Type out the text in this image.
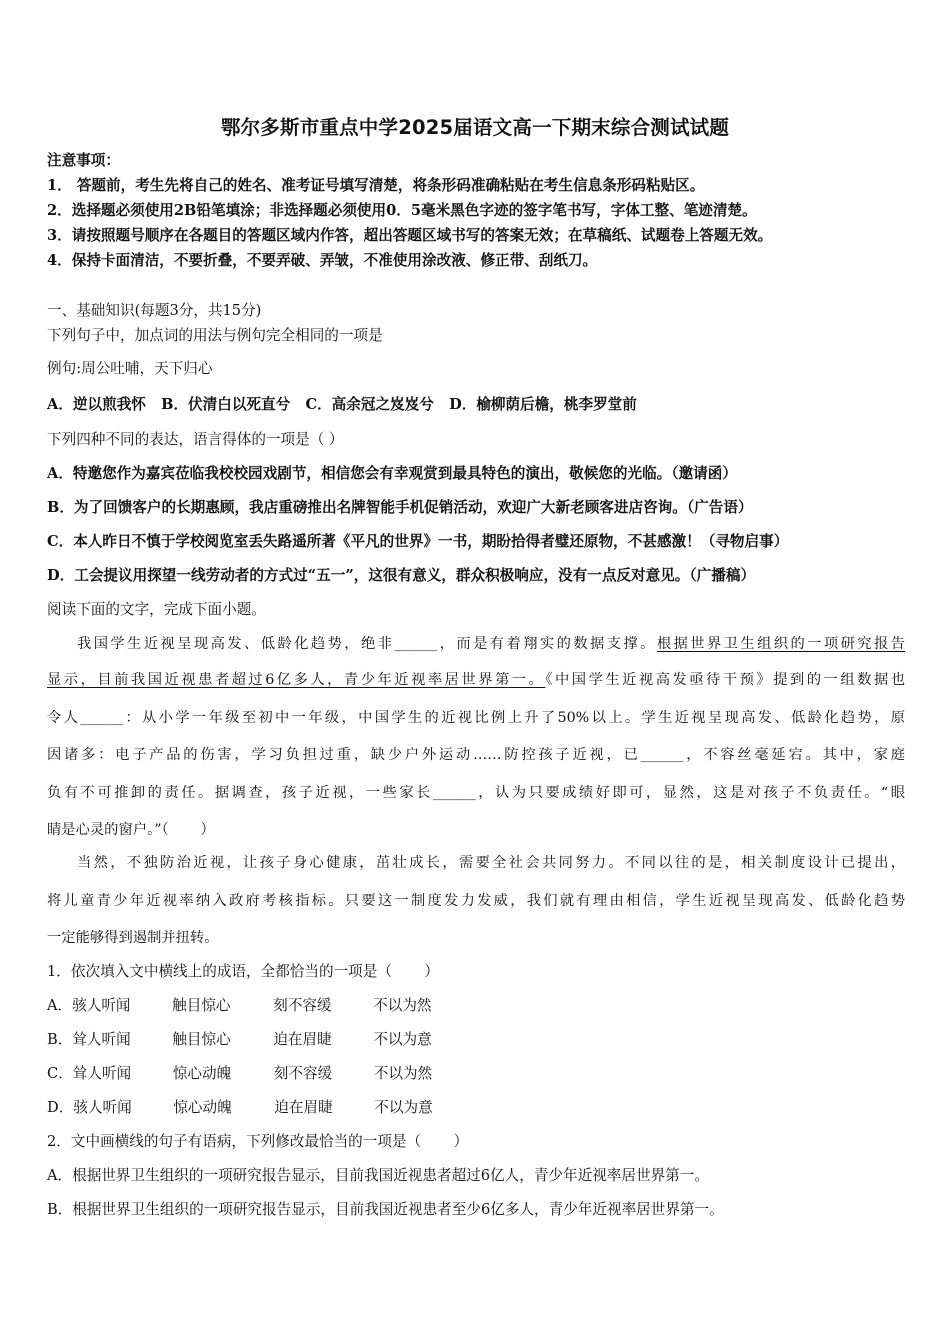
鄂尔多斯市重点中学2025届语文高一下期末综合测试试题
注意事项：
1． 答题前，考生先将自己的姓名、准考证号填写清楚，将条形码准确粘贴在考生信息条形码粘贴区。
2．选择题必须使用2B铅笔填涂；非选择题必须使用0．5毫米黑色字迹的签字笔书写，字体工整、笔迹清楚。
3．请按照题号顺序在各题目的答题区域内作答，超出答题区域书写的答案无效；在草稿纸、试题卷上答题无效。
4．保持卡面清洁，不要折叠，不要弄破、弄皱，不准使用涂改液、修正带、刮纸刀。
一、基础知识(每题3分，共15分)
下列句子中，加点词的用法与例句完全相同的一项是
例句:周公吐哺，天下归心
A．逆以煎我怀   B．伏清白以死直兮   C．高余冠之岌岌兮   D．榆柳荫后檐，桃李罗堂前
下列四种不同的表达，语言得体的一项是（ ）
A．特邀您作为嘉宾莅临我校校园戏剧节，相信您会有幸观赏到最具特色的演出，敬候您的光临。（邀请函）
B．为了回馈客户的长期惠顾，我店重磅推出名牌智能手机促销活动，欢迎广大新老顾客进店咨询。（广告语）
C．本人昨日不慎于学校阅览室丢失路遥所著《平凡的世界》一书，期盼拾得者璧还原物，不甚感激！（寻物启事）
D．工会提议用探望一线劳动者的方式过“五一”，这很有意义，群众积极响应，没有一点反对意见。（广播稿）
阅读下面的文字，完成下面小题。
我国学生近视呈现高发、低龄化趋势，绝非______，而是有着翔实的数据支撑。根据世界卫生组织的一项研究报告
显示，目前我国近视患者超过6亿多人，青少年近视率居世界第一。《中国学生近视高发亟待干预》提到的一组数据也
令人______：从小学一年级至初中一年级，中国学生的近视比例上升了50%以上。学生近视呈现高发、低龄化趋势，原
因诸多：电子产品的伤害，学习负担过重，缺少户外运动……防控孩子近视，已______，不容丝毫延宕。其中，家庭
负有不可推卸的责任。据调查，孩子近视，一些家长______，认为只要成绩好即可，显然，这是对孩子不负责任。“眼
睛是心灵的窗户。”（       ）
当然，不独防治近视，让孩子身心健康，茁壮成长，需要全社会共同努力。不同以往的是，相关制度设计已提出，
将儿童青少年近视率纳入政府考核指标。只要这一制度发力发威，我们就有理由相信，学生近视呈现高发、低龄化趋势
一定能够得到遏制并扭转。
1．依次填入文中横线上的成语，全都恰当的一项是（       ）
A．骇人听闻	触目惊心	刻不容缓	不以为然
B．耸人听闻	触目惊心	迫在眉睫	不以为意
C．耸人听闻	惊心动魄	刻不容缓	不以为然
D．骇人听闻	惊心动魄	迫在眉睫	不以为意
2．文中画横线的句子有语病，下列修改最恰当的一项是（       ）
A．根据世界卫生组织的一项研究报告显示，目前我国近视患者超过6亿人，青少年近视率居世界第一。
B．根据世界卫生组织的一项研究报告显示，目前我国近视患者至少6亿多人，青少年近视率居世界第一。
